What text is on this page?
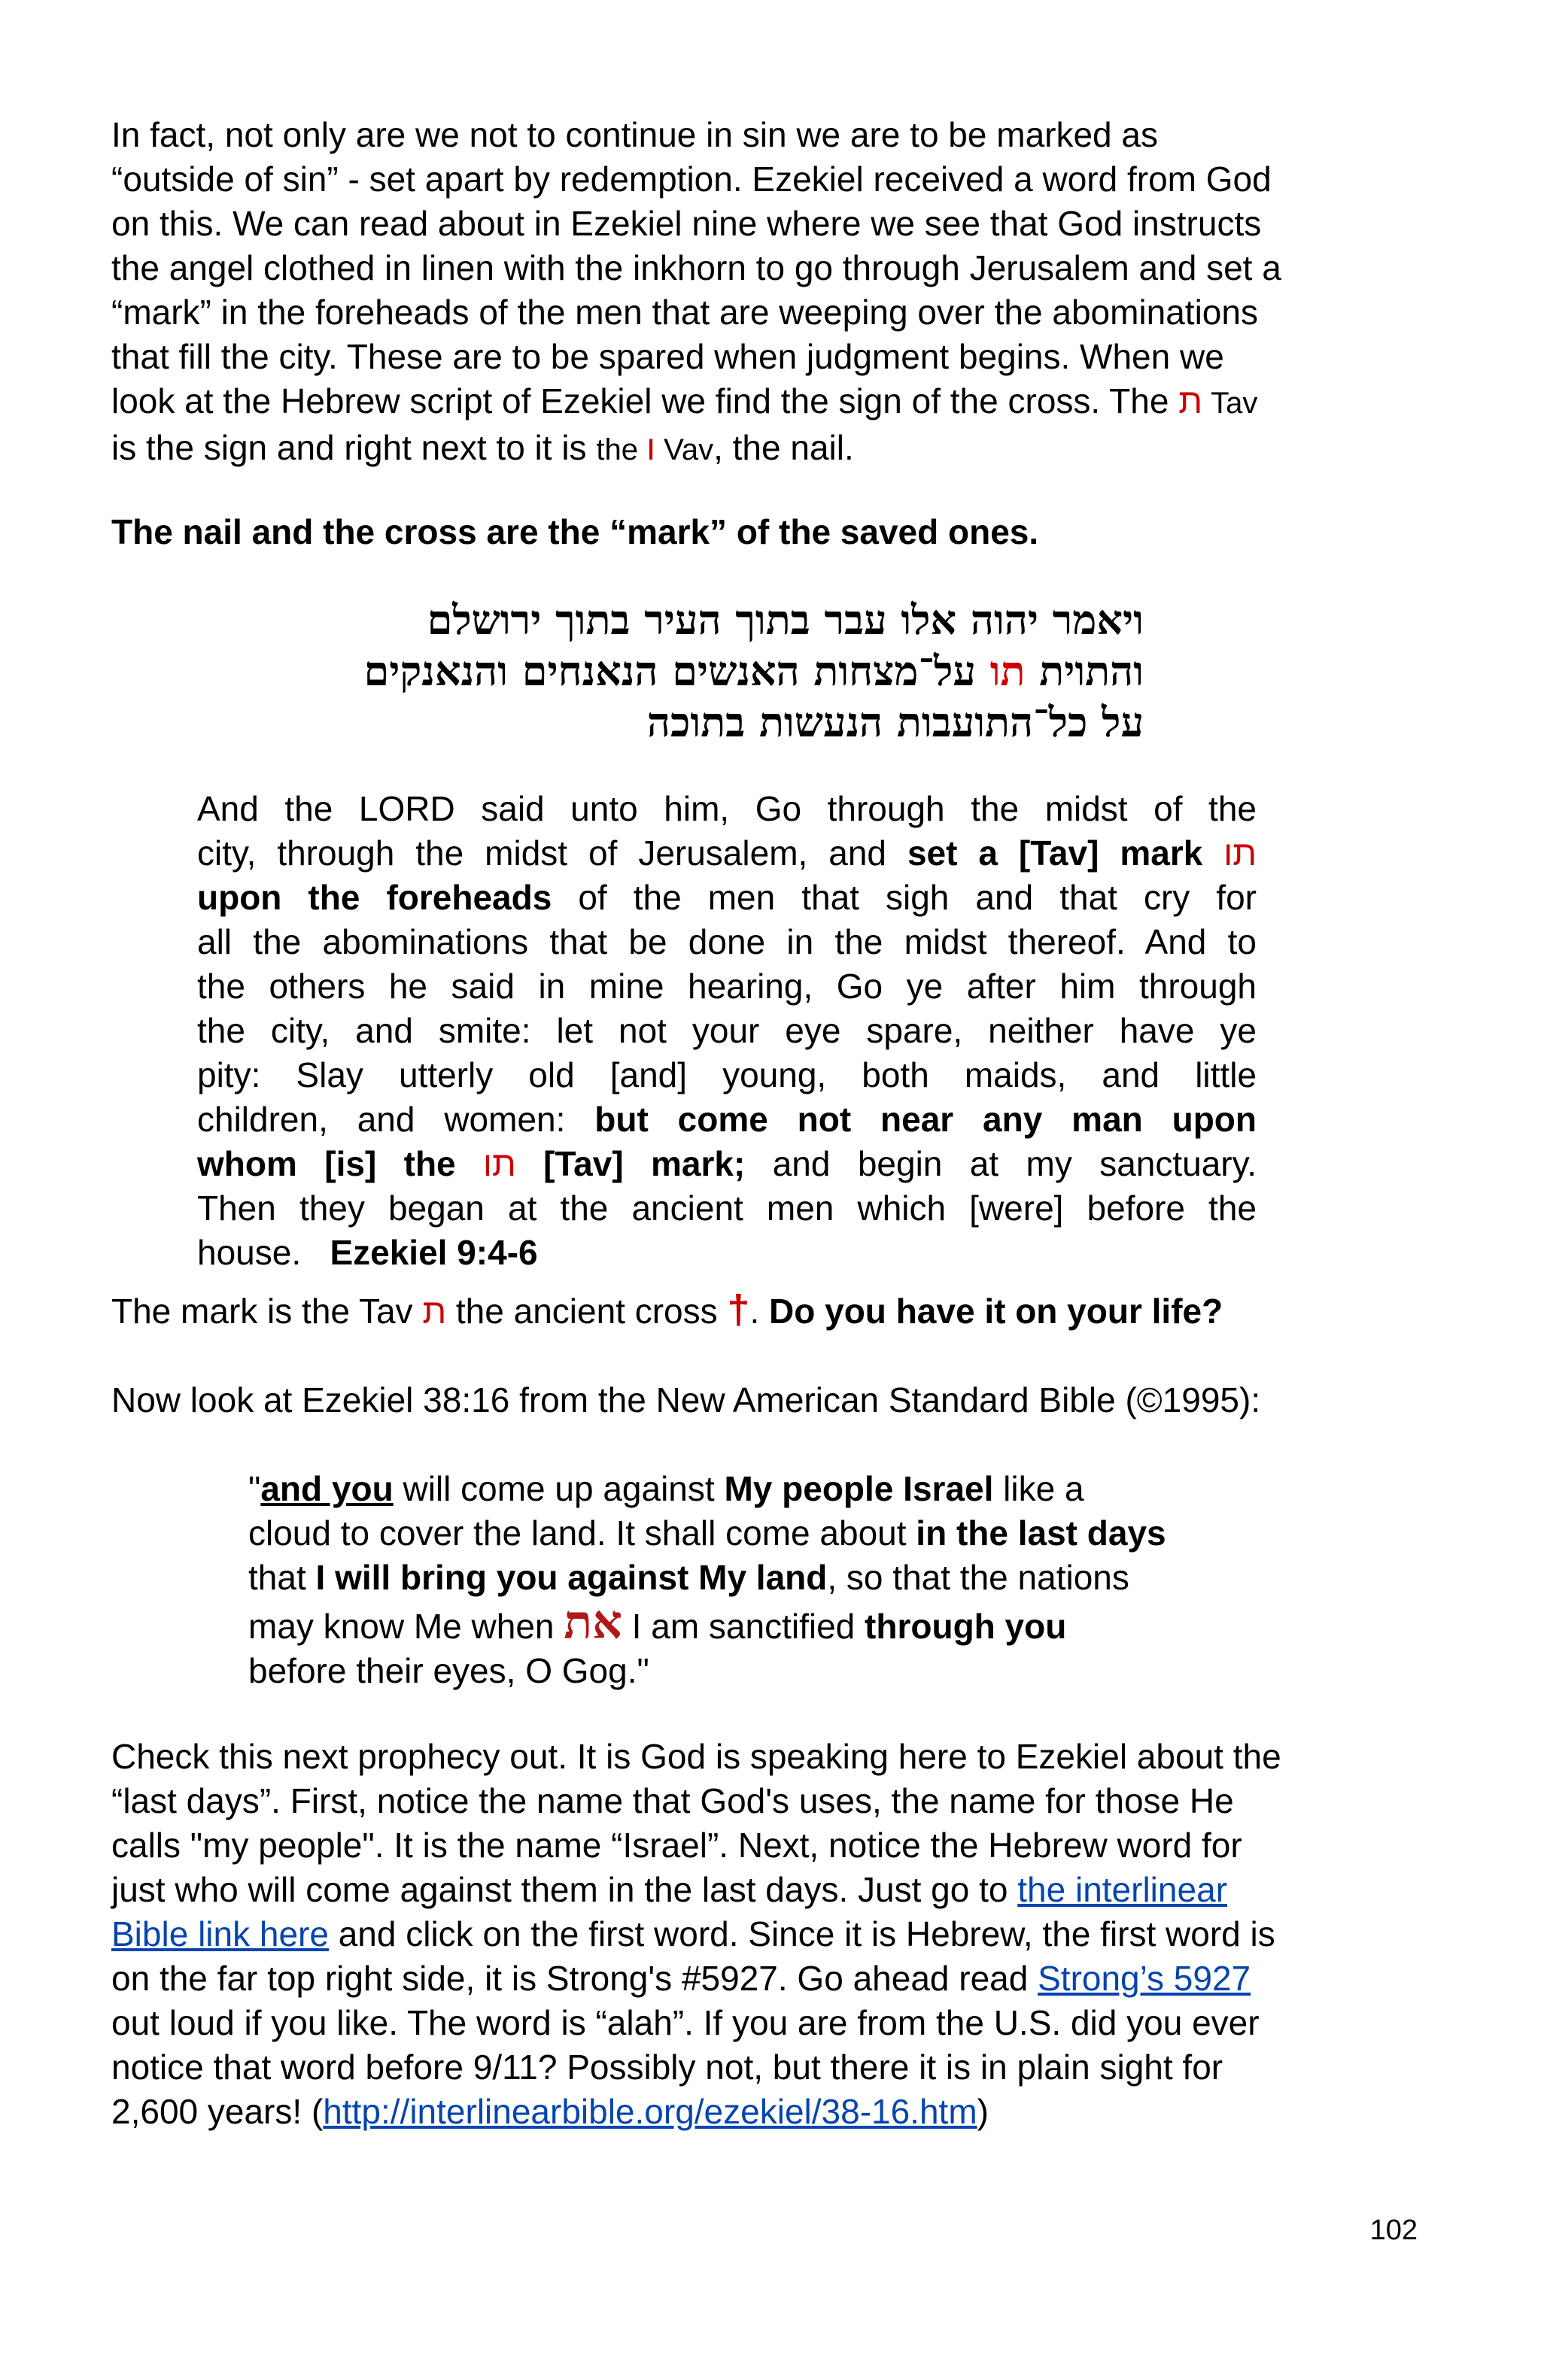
In fact, not only are we not to continue in sin we are to be marked as
“outside of sin” - set apart by redemption. Ezekiel received a word from God
on this. We can read about in Ezekiel nine where we see that God instructs
the angel clothed in linen with the inkhorn to go through Jerusalem and set a
“mark” in the foreheads of the men that are weeping over the abominations
that fill the city. These are to be spared when judgment begins. When we
look at the Hebrew script of Ezekiel we find the sign of the cross. The ת Tav
is the sign and right next to it is the ו Vav, the nail.
The nail and the cross are the “mark” of the saved ones.
ויאמר יהוה אלו עבר בתוך העיר בתוך ירושלם
והתוית תו על־מצחות האנשים הנאנחים והנאנקים
על כל־התועבות הנעשות בתוכה
And the LORD said unto him, Go through the midst of the
city, through the midst of Jerusalem, and set a [Tav] mark תו
upon the foreheads of the men that sigh and that cry for
all the abominations that be done in the midst thereof. And to
the others he said in mine hearing, Go ye after him through
the city, and smite: let not your eye spare, neither have ye
pity: Slay utterly old [and] young, both maids, and little
children, and women: but come not near any man upon
whom [is] the תו [Tav] mark; and begin at my sanctuary.
Then they began at the ancient men which [were] before the
house.   Ezekiel 9:4-6
The mark is the Tav ת the ancient cross †. Do you have it on your life?
Now look at Ezekiel 38:16 from the New American Standard Bible (©1995):
"and you will come up against My people Israel like a
cloud to cover the land. It shall come about in the last days
that I will bring you against My land, so that the nations
may know Me when את I am sanctified through you
before their eyes, O Gog."
Check this next prophecy out. It is God is speaking here to Ezekiel about the
“last days”. First, notice the name that God's uses, the name for those He
calls "my people". It is the name “Israel”. Next, notice the Hebrew word for
just who will come against them in the last days. Just go to the interlinear
Bible link here and click on the first word. Since it is Hebrew, the first word is
on the far top right side, it is Strong's #5927. Go ahead read Strong’s 5927
out loud if you like. The word is “alah”. If you are from the U.S. did you ever
notice that word before 9/11? Possibly not, but there it is in plain sight for
2,600 years! (http://interlinearbible.org/ezekiel/38-16.htm)
102
